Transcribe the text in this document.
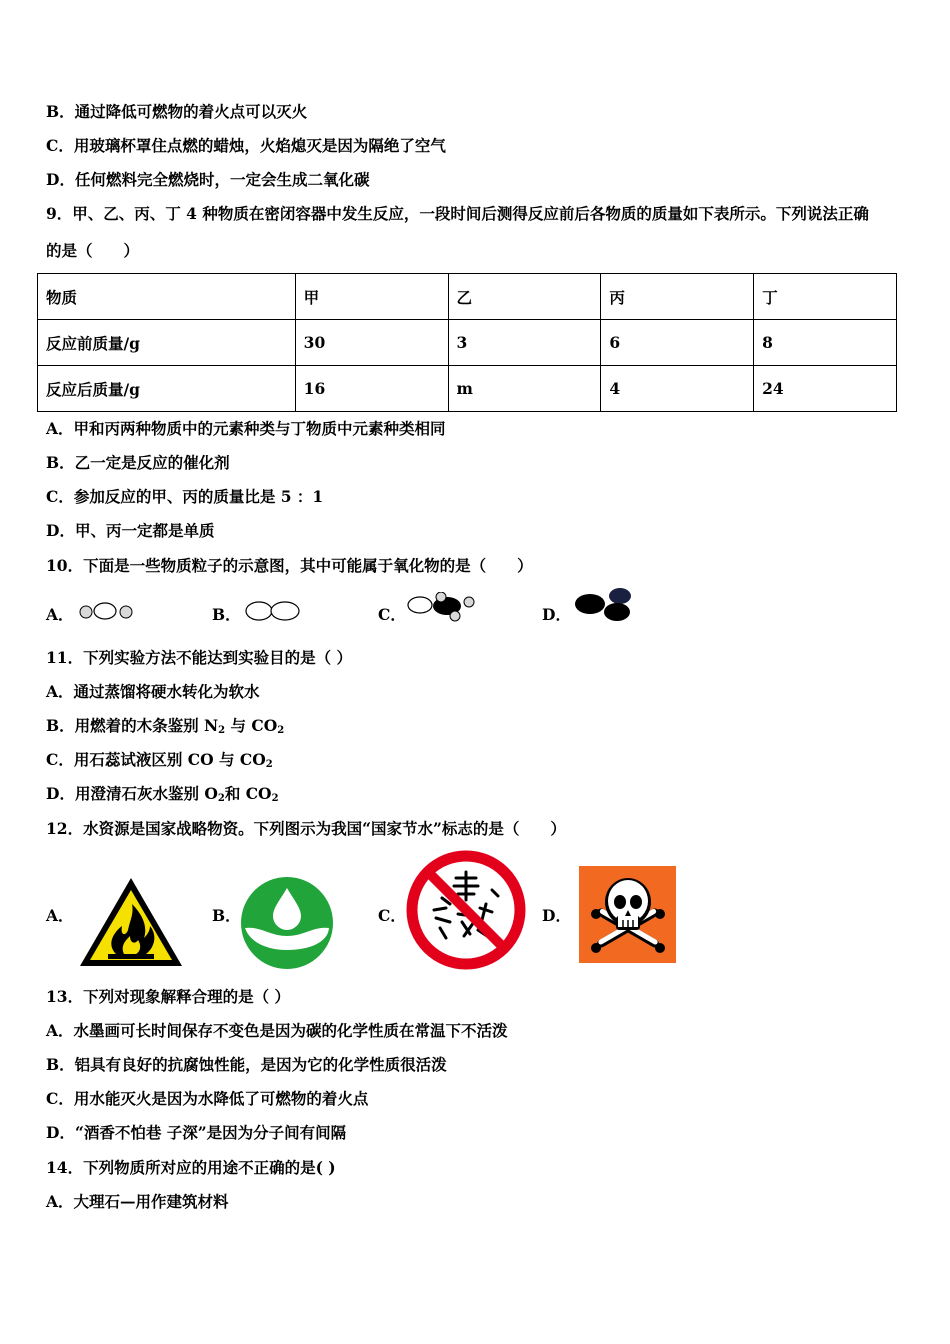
B．通过降低可燃物的着火点可以灭火
C．用玻璃杯罩住点燃的蜡烛，火焰熄灭是因为隔绝了空气
D．任何燃料完全燃烧时，一定会生成二氧化碳
9．甲、乙、丙、丁 4 种物质在密闭容器中发生反应，一段时间后测得反应前后各物质的质量如下表所示。下列说法正确
的是（　　）
物质	甲	乙	丙	丁
反应前质量/g	30	3	6	8
反应后质量/g	16	m	4	24
A．甲和丙两种物质中的元素种类与丁物质中元素种类相同
B．乙一定是反应的催化剂
C．参加反应的甲、丙的质量比是 5 ：1
D．甲、丙一定都是单质
10．下面是一些物质粒子的示意图，其中可能属于氧化物的是（　　）
A．	B．	C．	D．
11．下列实验方法不能达到实验目的是（ ）
A．通过蒸馏将硬水转化为软水
B．用燃着的木条鉴别 $N_2$ 与 $CO_2$
C．用石蕊试液区别 CO 与 $CO_2$
D．用澄清石灰水鉴别 $O_2$和 $CO_2$
12．水资源是国家战略物资。下列图示为我国“国家节水”标志的是（　　）
A．	B．	C．	D．
13．下列对现象解释合理的是（ ）
A．水墨画可长时间保存不变色是因为碳的化学性质在常温下不活泼
B．铝具有良好的抗腐蚀性能，是因为它的化学性质很活泼
C．用水能灭火是因为水降低了可燃物的着火点
D．“酒香不怕巷 子深”是因为分子间有间隔
14．下列物质所对应的用途不正确的是( )
A．大理石—用作建筑材料
